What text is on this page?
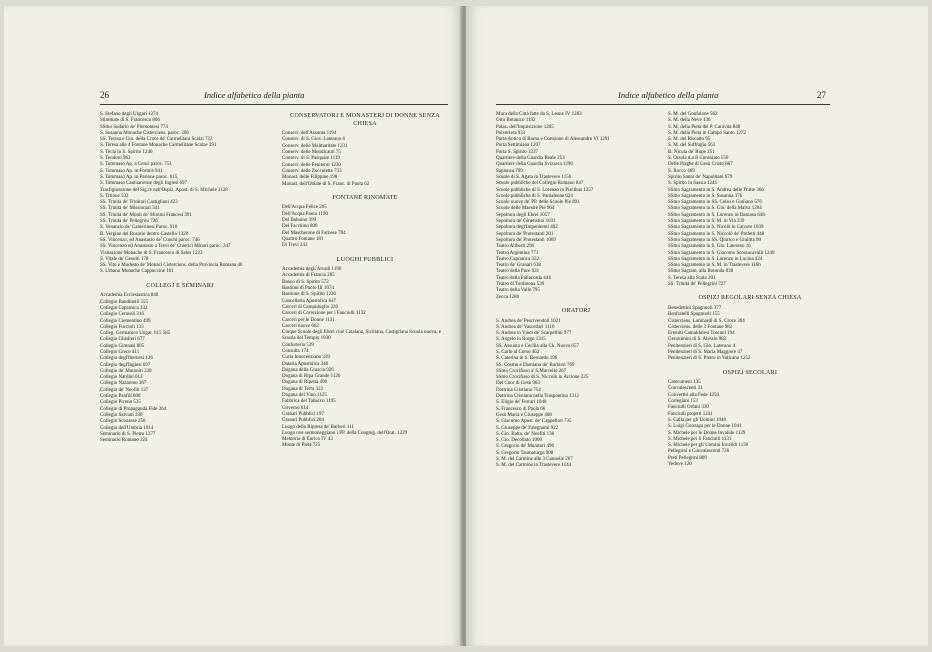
26	Indice alfabetico della pianta
S. Stefano degli Ungari 1274
Stimmate di S. Francesco 866
SSmo Sudario de' Piemontesi 774
S. Susanna Monache Cisterciens. paroc. 206
SS. Teresa e Gio. della Croce de' Carmelitani Scalzi 722
S. Teresa alle 4 Fontane Monache Carmelitane Scalze 191
S. Tecla in S. Spirito 1240
S. Teodoro 962
S. Tommaso Ap. a Cenci paroc. 751
S. Tommaso Ap. in Formis 941
S. Tommaso Ap. in Parione paroc. 615
S. Tommaso Cantuariense degli Inglesi 697
Trasfigurazione del Sig.re nell'Ospiz. Apost. di S. Michele 1128
S. Tritone 532
SS. Trinità de' Trinitari Castigliani 423
SS. Trinità de' Missionari 341
SS. Trinità de' Monti de' Minimi Francesi 391
SS. Trinità de' Pellegrini 726
S. Venanzio de' Camerinesi Paroc. 910
B. Vergine del Rosario dentro Castello 1320
SS. Vincenzo, ed Anastasio de' Cuochi paroc. 746
SS. Vincenzo ed Anastasio a Trevi de' Chierici Minori paroc. 247
Visitazione Monache di S. Francesco di Sales 1223
S. Vitale de' Gesuiti 178
SS. Vito e Modesto de' Monaci Cisterciens. della Provincia Romana 40
S. Urbano Monache Cappuccine 161
COLLEGJ E SEMINARJ
Accademia Ecclesiastica 840
Collegio Bandinelli 555
Collegio Capranica 332
Collegio Cerasoli 316
Collegio Clementino 499
Collegio Fuccioli 133
Colleg. Germanico Ungar. 615 585
Collegio Ghislieri 677
Collegio Gimnasi 805
Collegio Greco 411
Collegio degl'Ibernesi 126
Collegio degl'Inglesi 697
Collegio de' Maroniti 228
Collegio Nardini 613
Collegio Nazareno 367
Collegio de' Neofiti 137
Collegio Panfili 608
Collegio Piceno 535
Collegio di Propaganda Fide 364
Collegio Salviati 330
Collegio Scozzese 258
Collegio dell'Umbria 1014
Seminario di S. Pietro 1277
Seminario Romano 324
CONSERVATORJ E MONASTERJ DI DONNE SENZA CHIESA
Conserv. dell'Assunta 1194
Conserv. di S. Giov. Laterano 6
Conserv. delle Malmaritate 1231
Conserv. delle Mendicanti 75
Conserv. di S. Pasquale 1119
Conserv. delle Penitenti 1230
Conserv. delle Zoccolette 733
Monast. delle Filippine 198
Monast. dell'Oblate di S. Franc. di Paola 62
FONTANE RINOMATE
Dell'Acqua Felice 205
Dell'Acqua Paola 1190
Del Babuino 399
Del Facchino 800
Del Mascherone di Farnese 704
Quattro Fontane 181
Di Trevi 243
LUOGHI PUBBLICI
Accademia degli Arcadi 1190
Accademia di Francia 285
Banco di S. Spirito 572
Bastioni di Paolo III 1074
Bastione di S. Spirito 1236
Cancellaria Apostolica 647
Carceri di Campidoglio 220
Carceri di Correzione per i Fanciulli 1132
Carceri per le Donne 1131
Carceri nuove 662
Cinque Scuole degli Ebrei cioè Catalana, Siciliana, Castigliana Scuola nuova, e Scuola del Tempio 1030
Conforteria 539
Consulta 174
Curia Innocenziana 339
Dataria Apostolica 340
Dogana della Grascia 926
Dogana di Ripa Grande 1126
Dogana di Ripetta 490
Dogana di Terra 322
Dogana del Vino 1125
Fabbrica del Tabacco 1195
Governo 614
Granari Pubblici 197
Granari Pubblici 204
Luogo della Ripresa de' Barberi 111
Luogo ove sermoneggiano i PP. della Congreg. dell'Orat. 1229
Memoria di Enrico IV 43
Monte di Pietà 725
Indice alfabetico della pianta	27
Mura della Città fatte da S. Leone IV 1283
Orto Botanico 1192
Palaz. dell'Inquisizione 1265
Polveriera 933
Porta Antica di Roma e Cortzione di Alessandro VI 1291
Porta Settimiana 1207
Porta S. Spirito 1237
Quartiere della Guardia Reale 253
Quartiere della Guardia Svizzera 1290
Sapienza 799
Scuole di S. Agata in Trastevere 1156
Scuole pubbliche del Collegio Romano 847
Scuole pubbliche di S. Lorenzo in Piscibus 1257
Scuole pubbliche di S. Pantaleone 624
Scuole nuove de' PP. delle Scuole Pie 891
Scuole delle Maestre Pie 964
Sepoltura degli Ebrei 1057
Sepoltura de' Ginetistini 1031
Sepoltura degl'Impenitenti 402
Sepoltura de' Protestanti 201
Sepoltura de' Protestanti 1069
Teatro Aliberti 296
Teatro Argentina 771
Teatro Capranica 332
Teatro de' Granari 638
Teatro della Pace 631
Teatro della Pallacorda 444
Teatro di Tordinona 536
Teatro della Valle 795
Zecca 1280
ORATORJ
S. Andrea de' Pescivendoli 1021
S. Andrea de' Vascellari 1110
S. Andrea in Vinci de' Scarpellini 977
S. Angelo in Borgo 1315
SS. Assunta e Cecilia alla Ch. Nuova 657
S. Carlo al Corso 462
S. Caterina in S. Bernardo 196
SS. Cosmo e Damiano de' Barbieri 769
SSmo Crocifisso a' S.Marcello 267
SSmo Crocifisso di S. Niccolò in Arcione 225
Del Cuor di Gesù 963
Dottrina Cristiana 754
Dottrina Cristiana nella Traspontina 1312
S. Eligio de' Ferrari 1048
S. Francesco di Paola 66
Gesù Maria e Giuseppe 408
S. Giacomo Apost. de' Cappellari 735
S. Giuseppe de' Falegnami 922
S. Gio. Batta. de' Neofiti 136
S. Gio. Decollato 1000
S. Gregorio de' Muratori 496
S. Gregorio Taumaturgo 908
S. M. del Carmine alle 3 Cannelle 267
S. M. del Carmine in Trastevere 1144
S. M. del Gonfalone 562
S. M. della Neve 136
S. M. della Pietà del P. Caravita 848
S. M. della Pietà in Campo Santo 1272
S. M. del Riscatto 95
S. M. del Suffragio 563
B. Nicola de' Rupe 251
S. Orsola d.a Il Consolato 550
Delle Piaghe di Gesù Cristo 667
S. Rocco 469
Spirito Santo de' Napolitani 679
S. Spirito in Sassia 1245
SSmo Sagramento in S. Andrea delle Fratte 366
SSmo Sagramento in S. Susanna 376
SSmo Sagramento in SS. Celso e Giuliano 576
SSmo Sagramento in S. Gio. della Malva 1204
SSmo Sagramento in S. Lorenzo in Damaso 646
SSmo Sagramento in S. M. in Via 239
SSmo Sagramento in S. Nicolò in Carcere 1039
SSmo Sagramento in S. Niccolò de' Prefetti 448
SSmo Sagramento in SS. Quirico e Giulitta 90
SSmo Sagramento in S. Gio. Laterano 16
SSmo Sagramento in S. Giacomo Scossacavalli 1249
SSmo Sagramento in S. Lorenzo in Lucina 424
SSmo Sagramento in S. M. in Trastevere 1166
SSmo Sagram. alla Rotonda 838
S. Teresa alla Scala 201
SS. Trinità de' Pellegrini 727
OSPIZJ REGOLARI SENZA CHIESA
Benedettini Spagnuoli 377
Benfratelli Spagnuoli 155
Cisterciens. Lombardi di S. Croce 304
Cisterciens. delle 3 Fontane 982
Eremiti Camaldolesi Toscani 194
Geronimini di S. Alessio 983
Penitenzieri di S. Gio. Laterano 4
Penitenzieri di S. Maria Maggiore 47
Penitenzieri di S. Pietro in Vaticano 1252
OSPIZJ SECOLARI
Catecumeni 135
Convalescenti 31
Convertiti alla Fede 1250
Cortegiani 153
Fanciulli Orfani 330
Fanciulli projetti 1241
S. Galla per gli Uomini 1040
S. Luigi Gonzaga per le Donne 1041
S. Michele per le Donne Invalide 1129
S. Michele per li Fanciulli 1131
S. Michele per gli Uomini Invalidi 1130
Pellegrini e Convalescenti 726
Preti Pellegrini 809
Vedove 120
